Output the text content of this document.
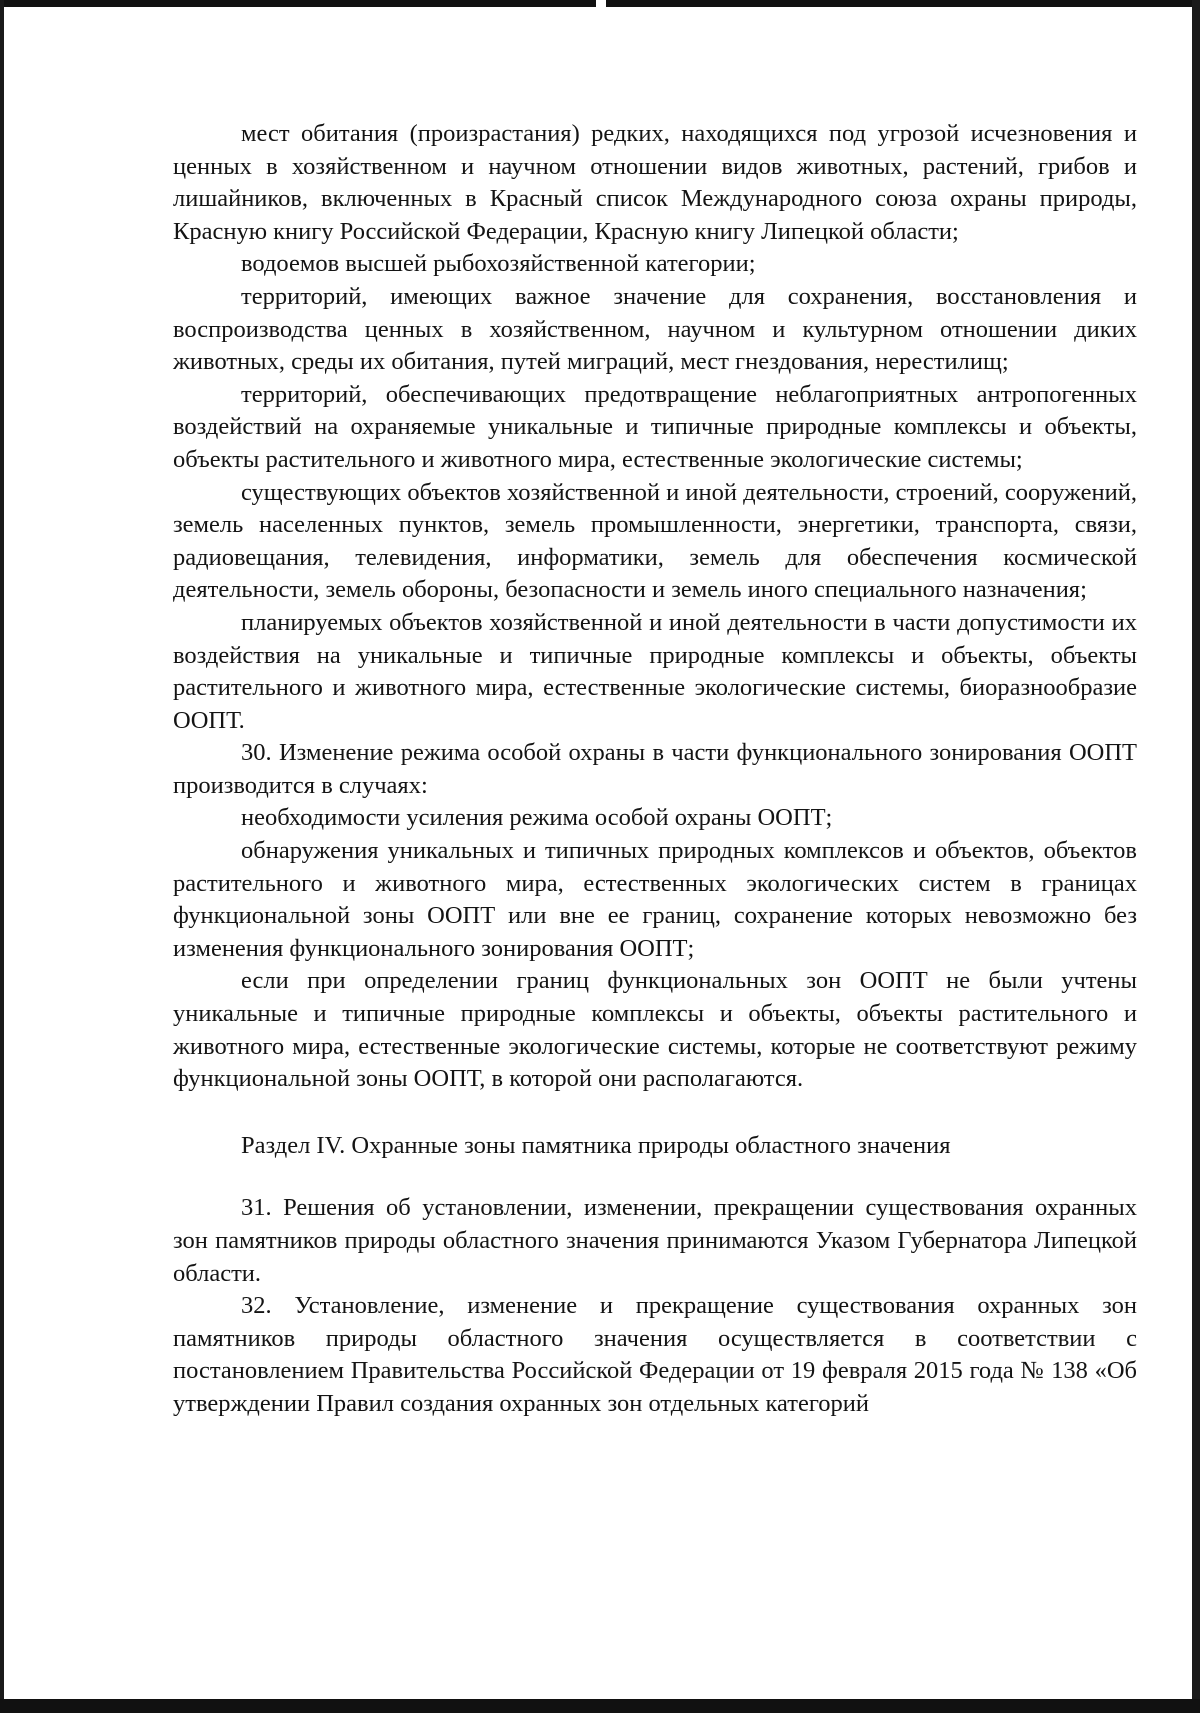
мест обитания (произрастания) редких, находящихся под угрозой исчезновения и ценных в хозяйственном и научном отношении видов животных, растений, грибов и лишайников, включенных в Красный список Международного союза охраны природы, Красную книгу Российской Федерации, Красную книгу Липецкой области;

водоемов высшей рыбохозяйственной категории;

территорий, имеющих важное значение для сохранения, восстановления и воспроизводства ценных в хозяйственном, научном и культурном отношении диких животных, среды их обитания, путей миграций, мест гнездования, нерестилищ;

территорий, обеспечивающих предотвращение неблагоприятных антропогенных воздействий на охраняемые уникальные и типичные природные комплексы и объекты, объекты растительного и животного мира, естественные экологические системы;

существующих объектов хозяйственной и иной деятельности, строений, сооружений, земель населенных пунктов, земель промышленности, энергетики, транспорта, связи, радиовещания, телевидения, информатики, земель для обеспечения космической деятельности, земель обороны, безопасности и земель иного специального назначения;

планируемых объектов хозяйственной и иной деятельности в части допустимости их воздействия на уникальные и типичные природные комплексы и объекты, объекты растительного и животного мира, естественные экологические системы, биоразнообразие ООПТ.

30. Изменение режима особой охраны в части функционального зонирования ООПТ производится в случаях:

необходимости усиления режима особой охраны ООПТ;

обнаружения уникальных и типичных природных комплексов и объектов, объектов растительного и животного мира, естественных экологических систем в границах функциональной зоны ООПТ или вне ее границ, сохранение которых невозможно без изменения функционального зонирования ООПТ;

если при определении границ функциональных зон ООПТ не были учтены уникальные и типичные природные комплексы и объекты, объекты растительного и животного мира, естественные экологические системы, которые не соответствуют режиму функциональной зоны ООПТ, в которой они располагаются.

Раздел IV. Охранные зоны памятника природы областного значения

31. Решения об установлении, изменении, прекращении существования охранных зон памятников природы областного значения принимаются Указом Губернатора Липецкой области.

32. Установление, изменение и прекращение существования охранных зон памятников природы областного значения осуществляется в соответствии с постановлением Правительства Российской Федерации от 19 февраля 2015 года № 138 «Об утверждении Правил создания охранных зон отдельных категорий
